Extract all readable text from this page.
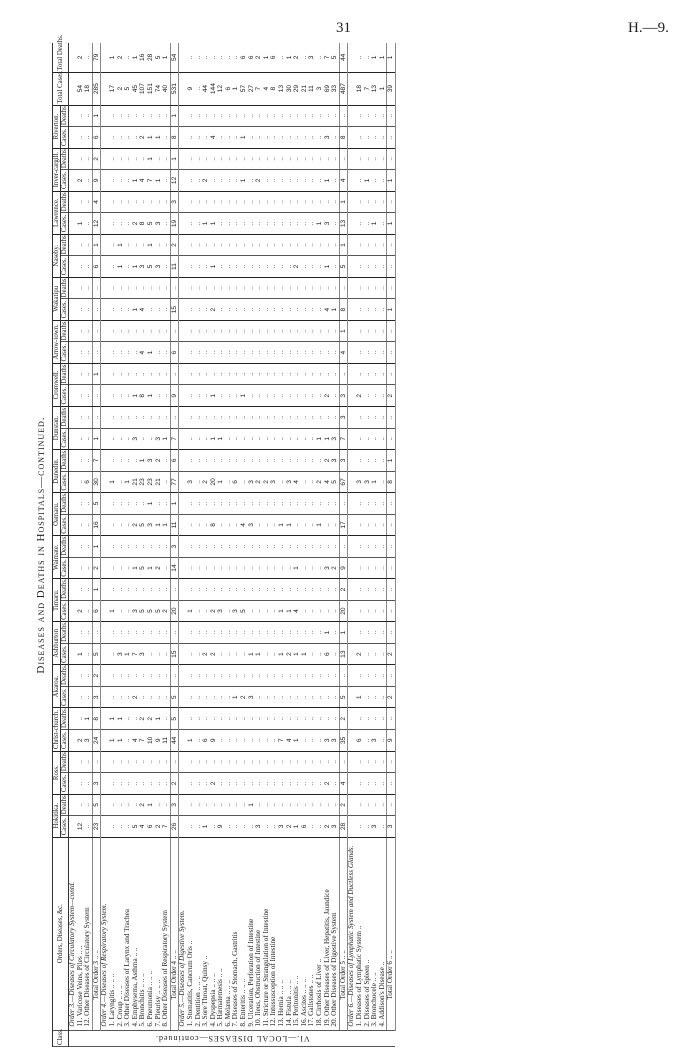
31	H.—9.
Diseases and Deaths in Hospitals—continued.
Class.	Orders, Diseases, &c.	Hokitika.		Ross.		Christ-church.		Akaroa.		Ashburton		Timaru.		Waimate.		Oamaru.		Dunedin.		Dunstan.		Cromwell.		Arrow-town.		Wakatipu		Naseby.		Lawrence.		Inver-cargill.		Riverton.		Total Cases.	Total Deaths.
		Cases.	Deaths.	Cases.	Deaths.	Cases.	Deaths.	Cases.	Deaths.	Cases.	Deaths.	Cases.	Deaths.	Cases.	Deaths.	Cases.	Deaths.	Cases.	Deaths.	Cases.	Deaths.	Cases.	Deaths.	Cases.	Deaths.	Cases.	Deaths.	Cases.	Deaths.	Cases.	Deaths.	Cases.	Deaths.	Cases.	Deaths.		

VI.—LOCAL DISEASES—continued.	Order 3.—Diseases of Circulatory System—contd.																																				
	11. Varicose Veins, Piles .. ..	12	..	..	..	2	..	..	..	1	..	2	..	..	..	..	..	..	..	..	..	..	..	..	..	..	..	..	..	1	..	2	..	..	..	54	2
	12. Other Diseases of Circulatory System	..	..	..	..	3	1	..	..	..	..	..	..	..	..	..	..	6	..	..	..	..	..	..	..	..	..	..	..	..	..	..	..	..	..	18	..
	Total Order 3 .. ..	23	5	3	..	24	8	3	2	5	..	6	1	2	1	16	5	30	7	1	..	..	1	..	..	..	..	6	1	12	4	9	2	6	1	285	79
	Order 4.—Diseases of Respiratory System.																																				
	1. Laryngitis .. .. ..	..	..	..	..	1	1	..	..	..	..	1	..	..	..	..	..	1	..	..	..	..	..	..	..	..	..	..	..	..	..	..	..	..	..	17	1
	2. Croup .. .. ..	..	..	..	..	1	1	..	..	3	..	..	..	..	..	..	..	..	..	..	..	..	..	..	..	..	..	1	1	..	..	..	..	..	..	2	2
	3. Other Diseases of Larynx and Trachea	..	..	..	..	..	..	..	..	1	..	..	..	..	..	..	..	1	..	..	..	..	..	..	..	..	..	..	..	..	..	..	..	..	..	5	..
	4. Emphysema, Asthma .. ..	5	..	..	..	4	..	2	..	7	..	3	..	1	..	2	..	21	..	3	..	1	..	..	..	1	..	1	..	2	..	1	..	..	..	45	1
	5. Bronchitis .. .. ..	4	2	..	..	7	2	..	..	3	..	5	..	5	..	5	..	23	1	..	..	8	..	4	..	4	..	3	..	8	..	4	..	2	..	107	16
	6. Pneumonia .. .. ..	6	1	..	..	10	2	..	..	..	..	5	..	1	..	3	1	23	3	..	..	1	..	1	..	..	..	5	1	5	..	7	1	1	..	151	28
	7. Pleurisy .. .. ..	2	..	..	..	9	1	..	..	..	..	5	..	2	..	1	..	21	2	3	..	..	..	..	..	..	..	3	..	3	..	1	..	1	..	74	5
	8. Other Diseases of Respiratory System	7	..	..	..	11	..	..	..	..	..	2	..	..	..	1	..	..	..	1	..	..	..	..	..	..	..	..	..	..	..	..	..	..	..	40	1
	Total Order 4 .. ..	26	3	2	..	44	5	5	..	15	..	20	..	14	3	11	1	77	6	7	..	9	..	6	..	15	..	11	2	19	3	12	1	8	1	531	54
	Order 5.—Diseases of Digestive System.																																				
	1. Stomatitis, Cancrum Oris ..	..	..	..	..	1	..	..	..	..	..	1	..	..	..	..	..	3	..	..	..	..	..	..	..	..	..	..	..	..	..	..	..	..	..	9	..
	2. Dentition .. .. ..	..	..	..	..	..	..	..	..	..	..	..	..	..	..	..	..	..	..	..	..	..	..	..	..	..	..	..	..	..	..	..	..	..	..	..	..
	3. Sore Throat, Quinsy ..	1	..	..	..	6	..	..	..	2	..	..	..	..	..	..	..	2	..	..	..	..	..	..	..	..	..	..	..	1	..	2	..	..	..	44	..
	4. Dyspepsia .. .. ..	..	..	2	..	9	..	..	..	2	..	2	..	..	..	8	..	20	..	1	..	1	..	..	..	2	..	1	..	1	..	..	..	4	..	144	..
	5. Hæmatemesis .. ..	9	..	..	..	..	..	..	..	..	..	3	..	..	..	..	..	1	..	1	..	..	..	..	..	..	..	..	..	..	..	..	..	..	..	12	..
	6. Melæna .. .. ..	..	..	..	..	..	..	..	..	..	..	..	..	..	..	..	..	..	..	..	..	..	..	..	..	..	..	..	..	..	..	..	..	..	..	6	..
	7. Diseases of Stomach, Gastritis	..	..	..	..	..	..	1	..	..	..	3	..	..	..	..	..	6	..	..	..	..	..	..	..	..	..	..	..	..	..	..	..	..	..	1	..
	8. Enteritis .. .. ..	..	..	..	..	..	..	2	..	..	..	5	..	..	..	4	..	..	..	..	..	1	..	..	..	..	..	..	..	..	..	1	..	1	..	57	6
	9. Ulceration, Perforation of Intestine	..	1	..	..	..	..	3	..	1	..	..	..	..	..	3	..	3	..	..	..	..	..	..	..	..	..	..	..	..	..	..	..	..	..	27	6
	10. Ileus, Obstruction of Intestine	3	..	..	..	..	..	..	..	1	..	..	..	..	..	..	..	2	..	..	..	..	..	..	..	..	..	..	..	..	..	2	..	..	..	7	2
	11. Stricture or Strangulation of Intestine	..	..	..	..	..	..	..	..	..	..	..	..	..	..	..	..	2	..	..	..	..	..	..	..	..	..	..	..	..	..	..	..	..	..	4	1
	12. Intussusception of Intestine	..	..	..	..	..	..	..	..	..	..	..	..	..	..	..	..	3	..	..	..	..	..	..	..	..	..	..	..	..	..	..	..	..	..	8	6
	13. Hernia .. .. ..	3	..	..	..	7	..	..	..	1	..	1	..	..	..	1	..	..	..	..	..	..	..	..	..	..	..	..	..	..	..	..	..	..	..	13	..
	14. Fistula .. .. ..	2	..	..	..	4	..	..	..	2	..	1	..	..	..	1	..	3	..	..	..	..	..	..	..	..	..	..	..	..	..	..	..	..	..	30	1
	15. Peritonitis .. ..	1	..	..	..	1	..	..	..	1	..	4	..	1	..	..	..	4	..	..	..	..	..	..	..	..	..	2	..	..	..	..	..	..	..	29	2
	16. Ascites .. .. ..	6	..	..	..	..	..	..	..	1	..	..	..	..	..	..	..	..	..	..	..	..	..	..	..	..	..	..	..	..	..	..	..	..	..	21	..
	17. Gallstones .. ..	..	..	..	..	..	..	..	..	..	..	..	..	..	..	..	..	..	..	..	..	..	..	..	..	..	..	..	..	..	..	..	..	..	..	11	3
	18. Cirrhosis of Liver ..	..	..	..	..	..	..	..	..	..	..	..	..	..	..	1	..	2	..	1	..	..	..	..	..	..	..	..	..	1	..	..	..	..	..	3	..
	19. Other Diseases of Liver, Hepatitis, Jaundice	2	..	2	..	3	..	..	..	6	1	..	..	3	..	..	..	4	2	1	..	2	..	..	..	4	..	1	..	3	..	1	..	3	..	69	7
	20. Other Diseases of Digestive System	3	..	..	..	3	..	..	..	..	..	..	..	2	..	..	..	5	3	3	..	..	..	..	..	1	..	..	..	..	..	..	..	..	..	33	5
	Total Order 5 .. ..	28	2	4	..	35	2	5	..	13	1	20	2	9	..	17	..	67	3	7	3	3	..	4	1	8	..	5	1	13	1	4	..	8	..	487	44
	Order 6.—Diseases of Lymphatic System and Ductless Glands.																																				
	1. Diseases of Lymphatic System ..	..	..	..	..	6	..	1	..	2	..	..	..	..	..	..	..	3	..	..	..	2	..	..	..	..	..	..	..	..	..	..	..	..	..	18	..
	2. Diseases of Spleen ..	..	..	..	..	..	..	..	..	..	..	..	..	..	..	..	..	3	..	..	..	..	..	..	..	..	..	..	..	..	..	1	..	..	..	7	..
	3. Bronchocele .. ..	3	..	..	..	3	..	..	..	..	..	..	..	..	..	..	..	1	..	..	..	..	..	..	..	..	..	..	..	1	..	..	..	..	..	13	1
	4. Addison's Disease ..	..	..	..	..	..	..	..	..	..	..	..	..	..	..	..	..	..	..	..	..	..	..	..	..	..	..	..	..	..	..	..	..	..	..	1	1
	Total Order 6 .. ..	3	..	..	..	9	..	2	..	2	..	..	..	..	..	..	..	8	1	..	..	2	..	..	..	1	..	..	..	1	..	1	..	..	..	39	1
